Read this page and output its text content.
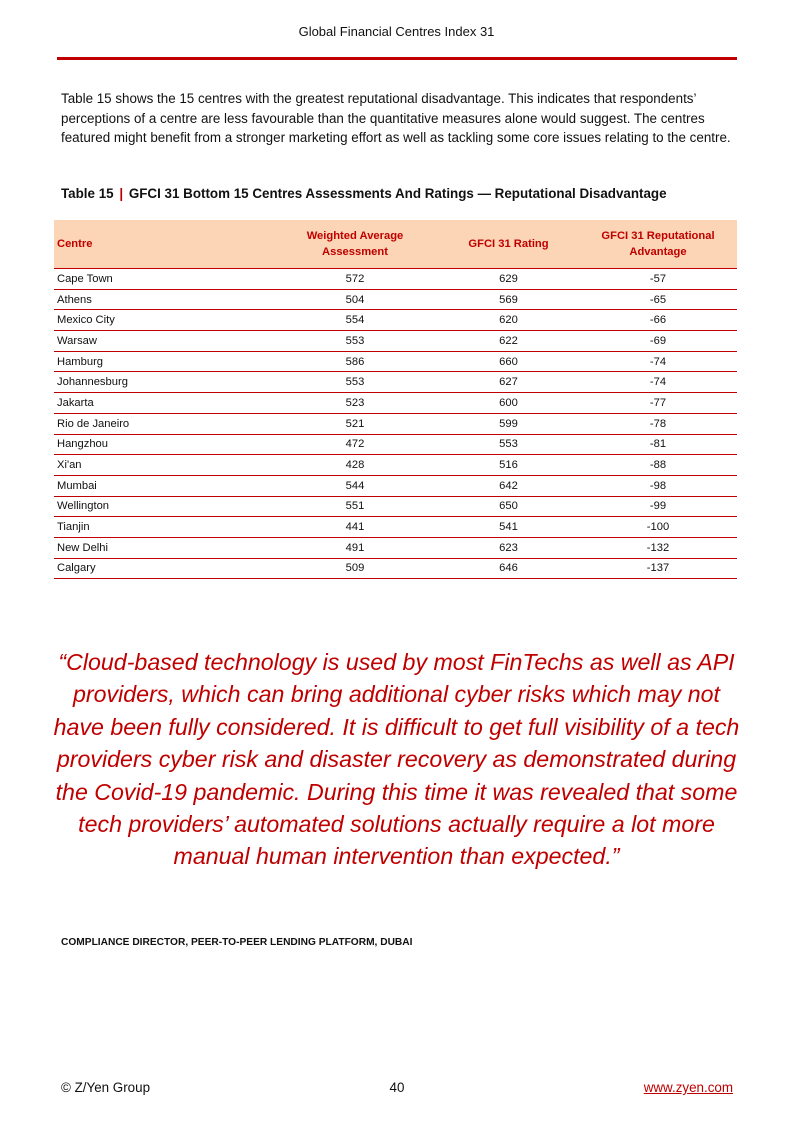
Global Financial Centres Index 31

Table 15 shows the 15 centres with the greatest reputational disadvantage. This indicates that respondents’ perceptions of a centre are less favourable than the quantitative measures alone would suggest. The centres featured might benefit from a stronger marketing effort as well as tackling some core issues relating to the centre.

Table 15 | GFCI 31 Bottom 15 Centres Assessments And Ratings — Reputational Disadvantage
Centre	Weighted Average Assessment	GFCI 31 Rating	GFCI 31 Reputational Advantage
Cape Town	572	629	-57
Athens	504	569	-65
Mexico City	554	620	-66
Warsaw	553	622	-69
Hamburg	586	660	-74
Johannesburg	553	627	-74
Jakarta	523	600	-77
Rio de Janeiro	521	599	-78
Hangzhou	472	553	-81
Xi'an	428	516	-88
Mumbai	544	642	-98
Wellington	551	650	-99
Tianjin	441	541	-100
New Delhi	491	623	-132
Calgary	509	646	-137

“Cloud-based technology is used by most FinTechs as well as API providers, which can bring additional cyber risks which may not have been fully considered. It is difficult to get full visibility of a tech providers cyber risk and disaster recovery as demonstrated during the Covid-19 pandemic. During this time it was revealed that some tech providers’ automated solutions actually require a lot more manual human intervention than expected.”

COMPLIANCE DIRECTOR, PEER-TO-PEER LENDING PLATFORM, DUBAI
© Z/Yen Group	40	www.zyen.com
